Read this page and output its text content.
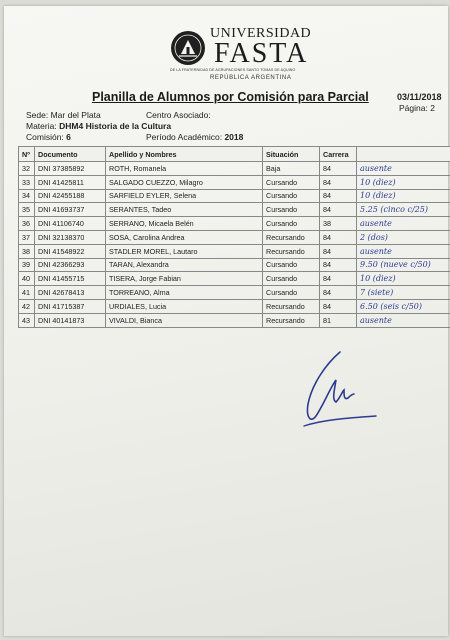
UNIVERSIDAD
FASTA
DE LA FRATERNIDAD DE AGRUPACIONES SANTO TOMAS DE AQUINO
REPÚBLICA ARGENTINA
Planilla de Alumnos por Comisión para Parcial	03/11/2018
Página: 2
Sede: Mar del Plata	Centro Asociado:
Materia: DHM4 Historia de la Cultura
Comisión: 6	Período Académico: 2018
Nº	Documento	Apellido y Nombres	Situación	Carrera	
32	DNI 37385892	ROTH, Romanela	Baja	84	ausente
33	DNI 41425811	SALGADO CUEZZO, Milagro	Cursando	84	10 (diez)
34	DNI 42455188	SARFIELD EYLER, Selena	Cursando	84	10 (diez)
35	DNI 41693737	SERANTES, Tadeo	Cursando	84	5.25 (cinco c/25)
36	DNI 41106740	SERRANO, Micaela Belén	Cursando	38	ausente
37	DNI 32138370	SOSA, Carolina Andrea	Recursando	84	2 (dos)
38	DNI 41548922	STADLER MOREL, Lautaro	Recursando	84	ausente
39	DNI 42366293	TARAN, Alexandra	Cursando	84	9.50 (nueve c/50)
40	DNI 41455715	TISERA, Jorge Fabian	Cursando	84	10 (diez)
41	DNI 42678413	TORREANO, Alma	Cursando	84	7 (siete)
42	DNI 41715387	URDIALES, Lucia	Recursando	84	6.50 (seis c/50)
43	DNI 40141873	VIVALDI, Bianca	Recursando	81	ausente
